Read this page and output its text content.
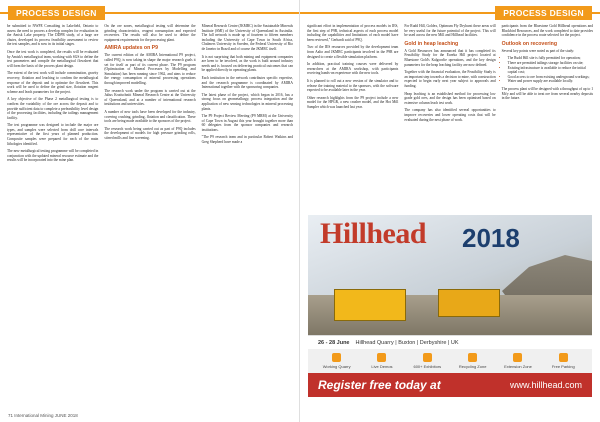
PROCESS DESIGN

be submitted to NWFE Consulting in Lakefield, Ontario to assess the need to process a develop complex for evaluation in the Amisk Lake property. The DDPR study, of a large ore chutes, developed its process feasibility assessment to review the test samples, and is now in its initial stages.

Once the test work is completed, the results will be evaluated by Amisk's metallurgical team, working with SGS to define the test parameters and compile the metallurgical flowsheet that will form the basis of the process plant design.

The extent of the test work will include comminution, gravity recovery, flotation and leaching to confirm the metallurgical response of the deposit and to optimise the flowsheet. This work will be used to define the grind size, flotation reagent scheme and leach parameters for the project.

A key objective of the Phase 2 metallurgical testing is to confirm the variability of the ore across the deposit and to provide sufficient data to complete a prefeasibility level design of the processing facilities, including the tailings management facility.

The test programme was designed to include the major ore types, and samples were selected from drill core intervals representative of the first years of planned production. Composite samples were prepared for each of the main lithologies identified.

The new metallurgical testing programme will be completed in conjunction with the updated mineral resource estimate and the results will be incorporated into the mine plan.

On the ore zones, metallurgical testing will determine the grinding characteristics, reagent consumption and expected recoveries. The results will also be used to define the equipment requirements for the processing plant.

AMIRA updates on P9

The current edition of the AMIRA International P9 project, called P9Q, is now taking in shape the major research goals it set for itself as part of its current phase. The P9 program (Optimisation of Mineral Processes by Modelling and Simulation) has been running since 1962, and aims to reduce the energy consumption of mineral processing operations through improved modelling.

The research work under the program is carried out at the Julius Kruttschnitt Mineral Research Centre at the University of Queensland, and at a number of international research institutions and universities.

A number of new tools have been developed for the industry, covering crushing, grinding, flotation and classification. These tools are being made available to the sponsors of the project.

The research work being carried out as part of P9Q includes the development of models for high pressure grinding rolls, stirred mills and fine screening.

Mineral Research Centre (JKMRC) in the Sustainable Minerals Institute (SMI) of the University of Queensland in Australia. The full network is made up of fourteen to fifteen members including the University of Cape Town in South Africa, Chalmers University in Sweden, the Federal University of Rio de Janeiro in Brazil and of course the JKMRC itself.

It is not surprising that both mining and equipment companies are keen to be involved, as the work is built around industry needs and is focused on delivering practical outcomes that can be applied directly in operating plants.

Each institution in the network contributes specific expertise, and the research programme is coordinated by AMIRA International together with the sponsoring companies.

The latest phase of the project, which began in 2016, has a strong focus on geometallurgy, process integration and the application of new sensing technologies in mineral processing plants.

The P9 Project Review Meeting (P9 MRM) at the University of Cape Town in August this year brought together more than 60 delegates from the sponsor companies and research institutions.

"The P9 research team and in particular Robert Watkins and Greg Shepherd have made a

71 International Mining JUNE 2018
PROCESS DESIGN

significant effort in implementation of process models in IES, the first step of P9R, technical aspects of each process model including the capabilities and limitations of each model have been reviewed," Gerhardt said of P9Q.

Two of the IES resources provided by the development team from Aalto and JKMRC participants involved in the P9R are designed to create a flexible simulation platform.

In addition, practical training courses were delivered by researchers at the AMIRA workshop, with participants receiving hands-on experience with the new tools.

It is planned to roll out a new version of the simulator and to release the training material to the sponsors, with the software expected to be available later in the year.

Other research highlights from the P9 project include a new model for the HPGR, a new crusher model, and the Hot Mill Sampler which was launched last year.

For Rudd Hill, Goldex, Optimum Fly Dryhurst these areas will be very useful for the future potential of the project. This will be used across the new Mill and Hillhead facilities.

Gold in heap leaching

A Gold Resources has announced that it has completed its Feasibility Study for the Eureka Hill project located at Bluestone Gold's Kalgoorlie operations, and the key design parameters for the heap leaching facility are now defined.

Together with the financial evaluation, the Feasibility Study is an important step towards a decision to mine, with construction expected to begin early next year subject to approvals and funding.

Heap leaching is an established method for processing low grade gold ores, and the design has been optimised based on extensive column leach test work.

The company has also identified several opportunities to improve recoveries and lower operating costs that will be evaluated during the next phase of work.

participants from the Bluestone Gold Hillhead operations and Blackbird Resources, and the work completed to date provides confidence in the process route selected for the project.

Outlook on recovering

Several key points were noted as part of the study:

• The Rudd Hill site is fully permitted for operation;
• There are permitted tailings storage facilities on site;
• Existing infrastructure is available to reduce the initial capital cost;
• Good access to ore from existing underground workings;
• Water and power supply are available locally.

The process plant will be designed with a throughput of up to 1 Mt/y and will be able to treat ore from several nearby deposits in the future.

Hillhead 2018
26 - 28 June Hillhead Quarry | Buxton | Derbyshire | UK
Working Quarry	Live Demos	600+ Exhibitors	Recycling Zone	Extension Zone	Free Parking
Register free today at	www.hillhead.com
